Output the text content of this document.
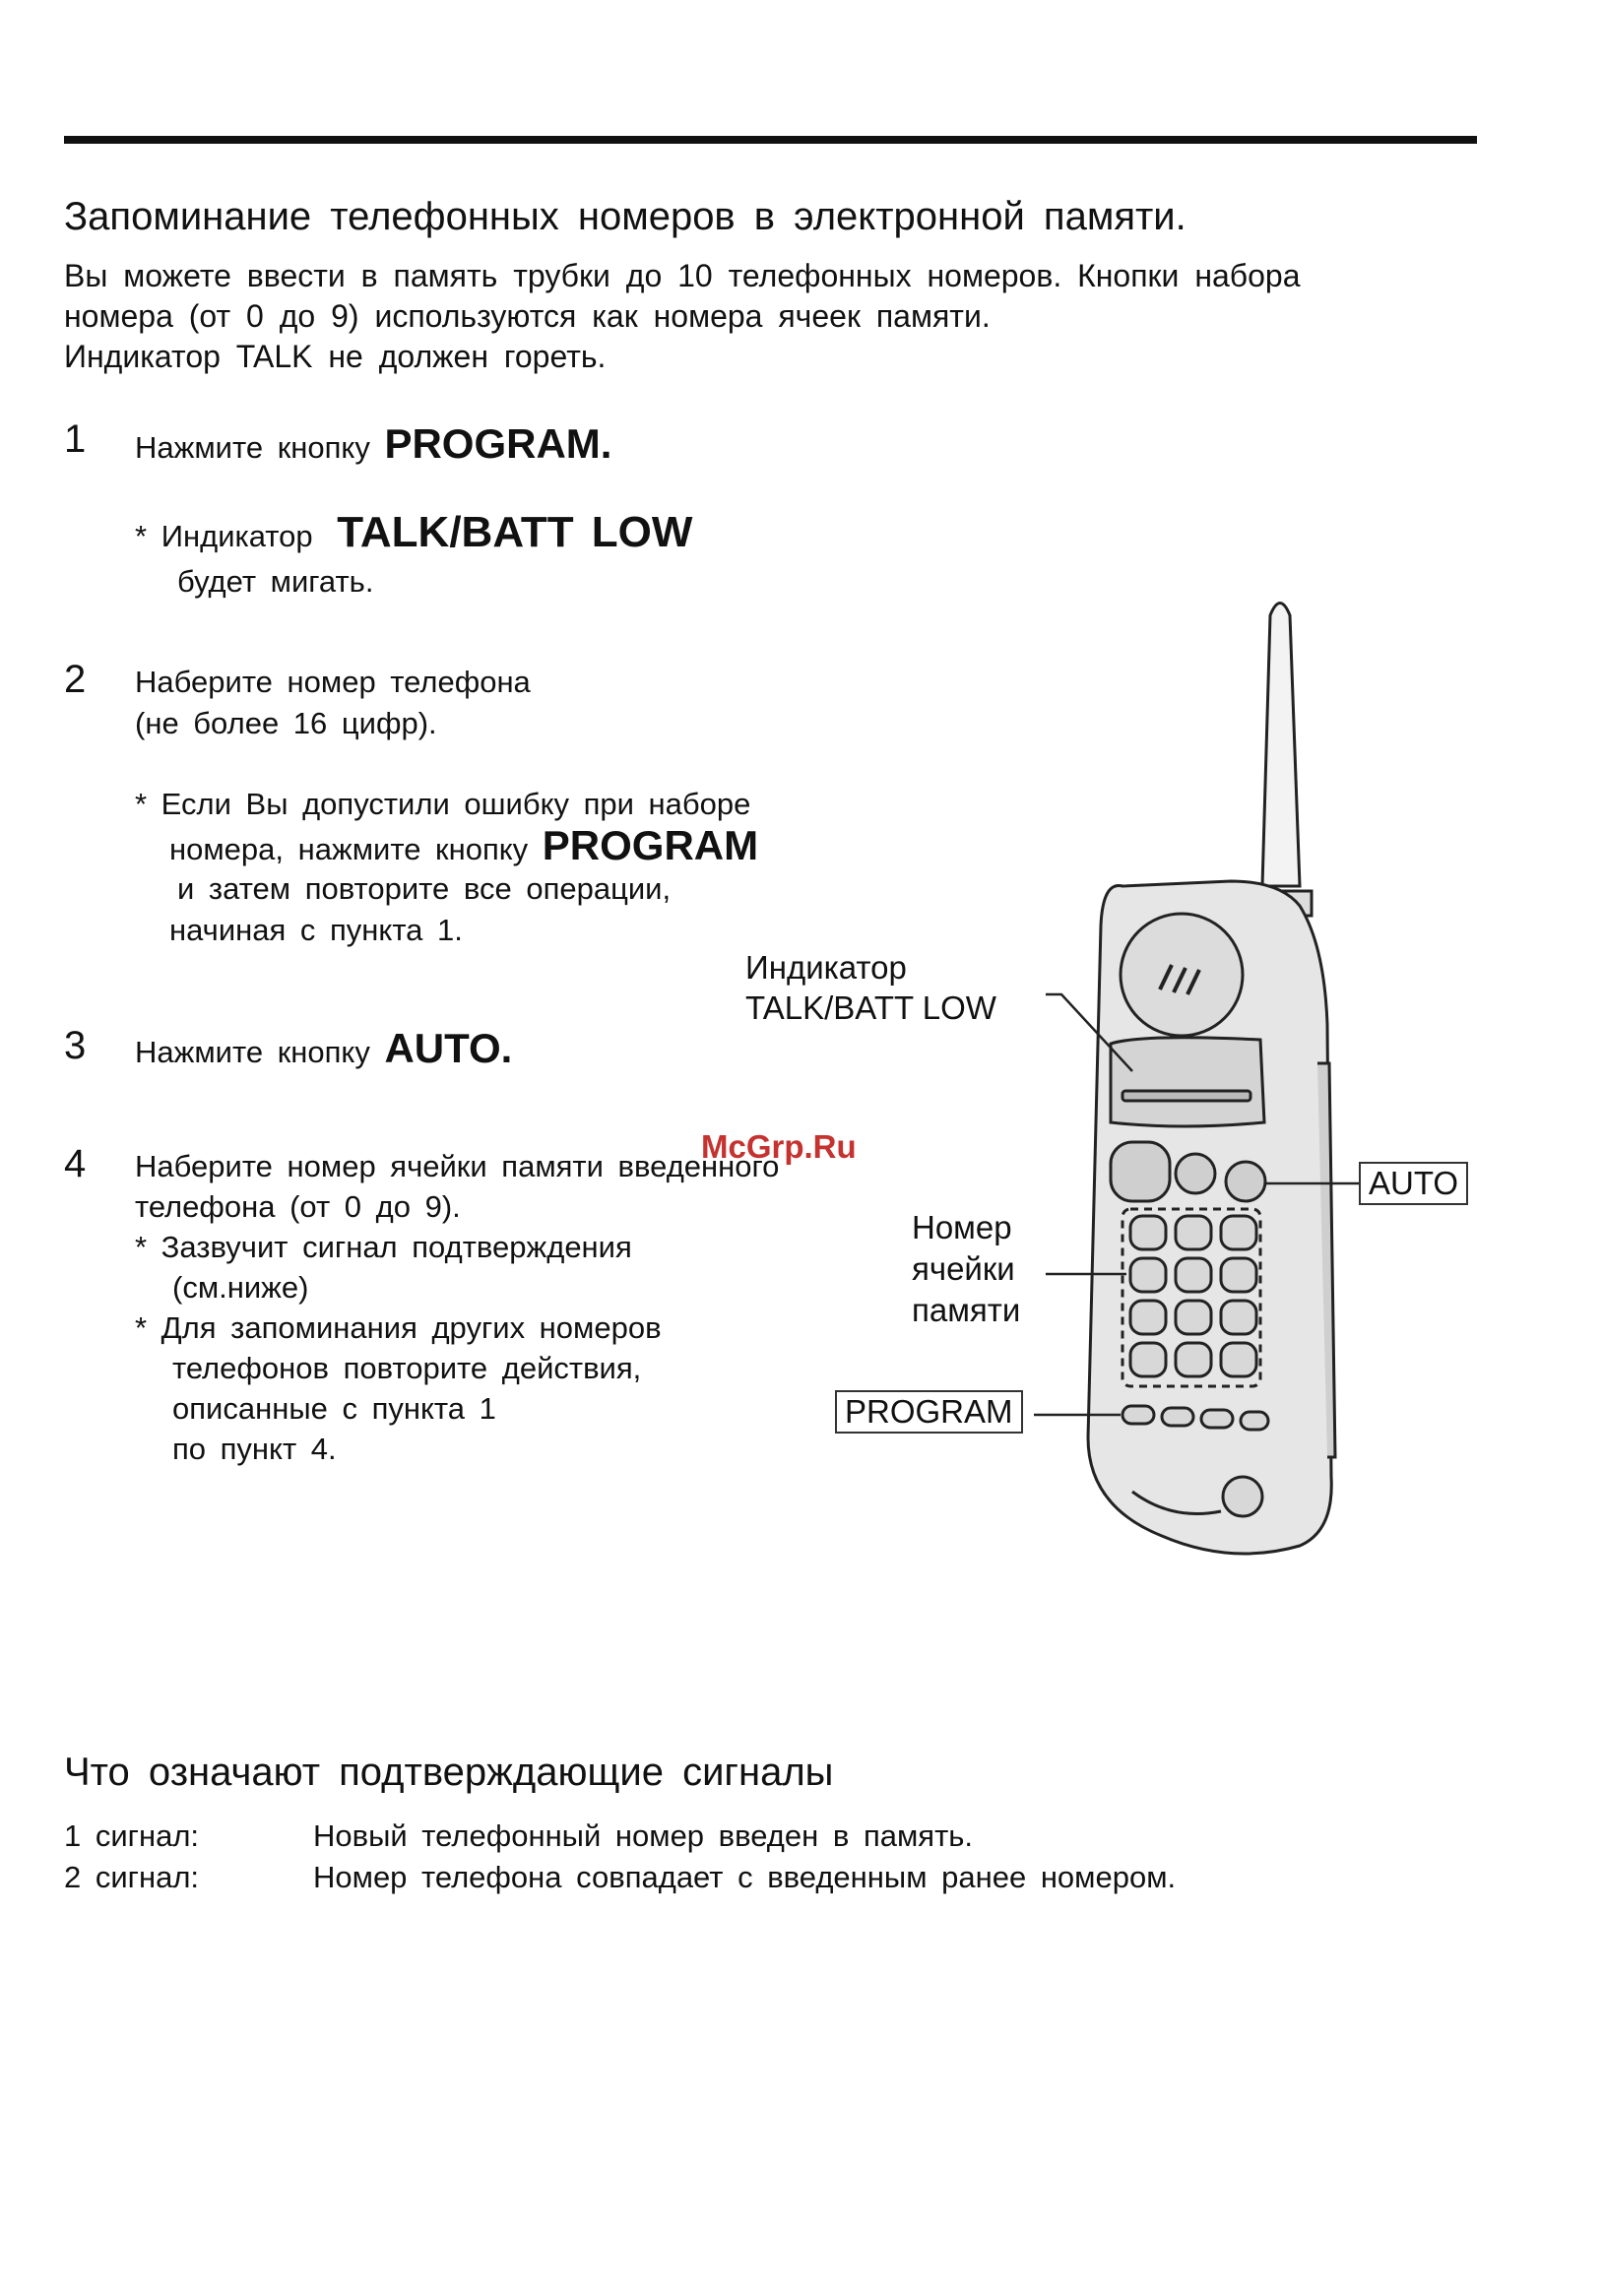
Запоминание телефонных номеров в электронной памяти.
Вы можете ввести в память трубки до 10 телефонных номеров. Кнопки набора
номера (от 0 до 9) используются как номера ячеек памяти.
Индикатор TALK не должен гореть.
1 Нажмите кнопку PROGRAM.
* Индикатор TALK/BATT LOW
будет мигать.
2 Наберите номер телефона
(не более 16 цифр).
* Если Вы допустили ошибку при наборе
номера, нажмите кнопку PROGRAM
и затем повторите все операции,
начиная с пункта 1.
3 Нажмите кнопку AUTO.
4 Наберите номер ячейки памяти введенного
телефона (от 0 до 9).
* Зазвучит сигнал подтверждения
(см.ниже)
* Для запоминания других номеров
телефонов повторите действия,
описанные с пункта 1
по пункт 4.
Индикатор
TALK/BATT LOW
AUTO
Номер
ячейки
памяти
PROGRAM
McGrp.Ru
Что означают подтверждающие сигналы
1 сигнал:	Новый телефонный номер введен в память.
2 сигнал:	Номер телефона совпадает с введенным ранее номером.
